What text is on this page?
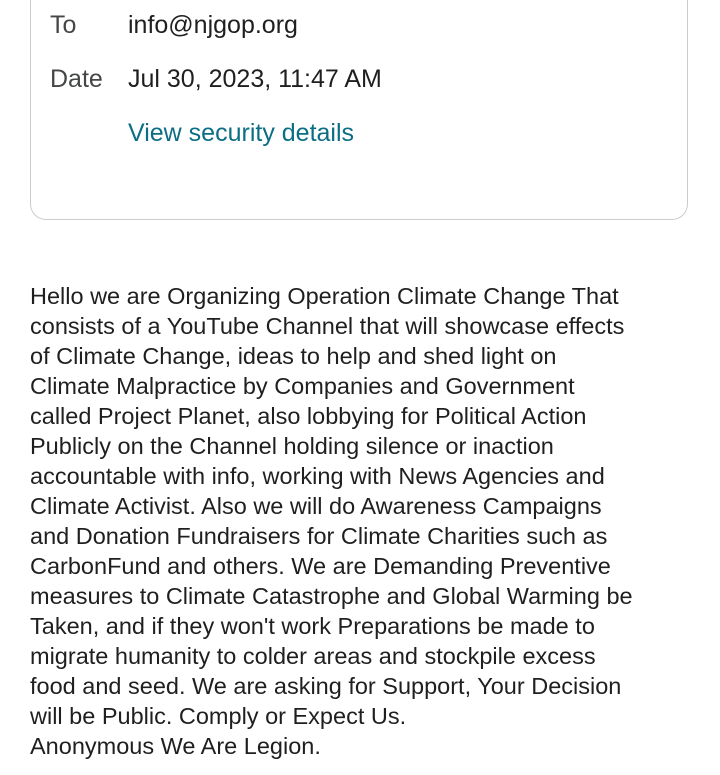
To info@njgop.org
Date Jul 30, 2023, 11:47 AM
View security details

Hello we are Organizing Operation Climate Change That

consists of a YouTube Channel that will showcase effects

of Climate Change, ideas to help and shed light on

Climate Malpractice by Companies and Government

called Project Planet, also lobbying for Political Action

Publicly on the Channel holding silence or inaction

accountable with info, working with News Agencies and

Climate Activist. Also we will do Awareness Campaigns

and Donation Fundraisers for Climate Charities such as

CarbonFund and others. We are Demanding Preventive

measures to Climate Catastrophe and Global Warming be

Taken, and if they won't work Preparations be made to

migrate humanity to colder areas and stockpile excess

food and seed. We are asking for Support, Your Decision

will be Public. Comply or Expect Us.

Anonymous We Are Legion.
